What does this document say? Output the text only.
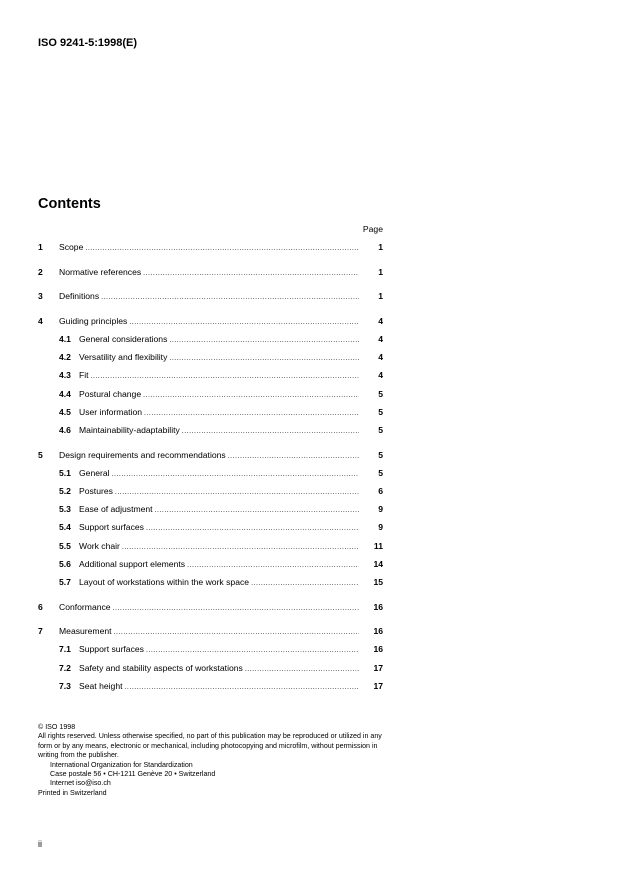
ISO 9241-5:1998(E)
Contents
Page
1	Scope .....	1
2	Normative references .....	1
3	Definitions .....	1
4	Guiding principles .....	4
4.1 General considerations .....	4
4.2 Versatility and flexibility .....	4
4.3 Fit .....	4
4.4 Postural change .....	5
4.5 User information .....	5
4.6 Maintainability-adaptability .....	5
5	Design requirements and recommendations .....	5
5.1 General .....	5
5.2 Postures .....	6
5.3 Ease of adjustment .....	9
5.4 Support surfaces .....	9
5.5 Work chair .....	11
5.6 Additional support elements .....	14
5.7 Layout of workstations within the work space .....	15
6	Conformance .....	16
7	Measurement .....	16
7.1 Support surfaces .....	16
7.2 Safety and stability aspects of workstations .....	17
7.3 Seat height .....	17

© ISO 1998

All rights reserved. Unless otherwise specified, no part of this publication may be reproduced or utilized in any form or by any means, electronic or mechanical, including photocopying and microfilm, without permission in writing from the publisher.

International Organization for Standardization

Case postale 56 • CH-1211 Genève 20 • Switzerland

Internet iso@iso.ch

Printed in Switzerland

ii
